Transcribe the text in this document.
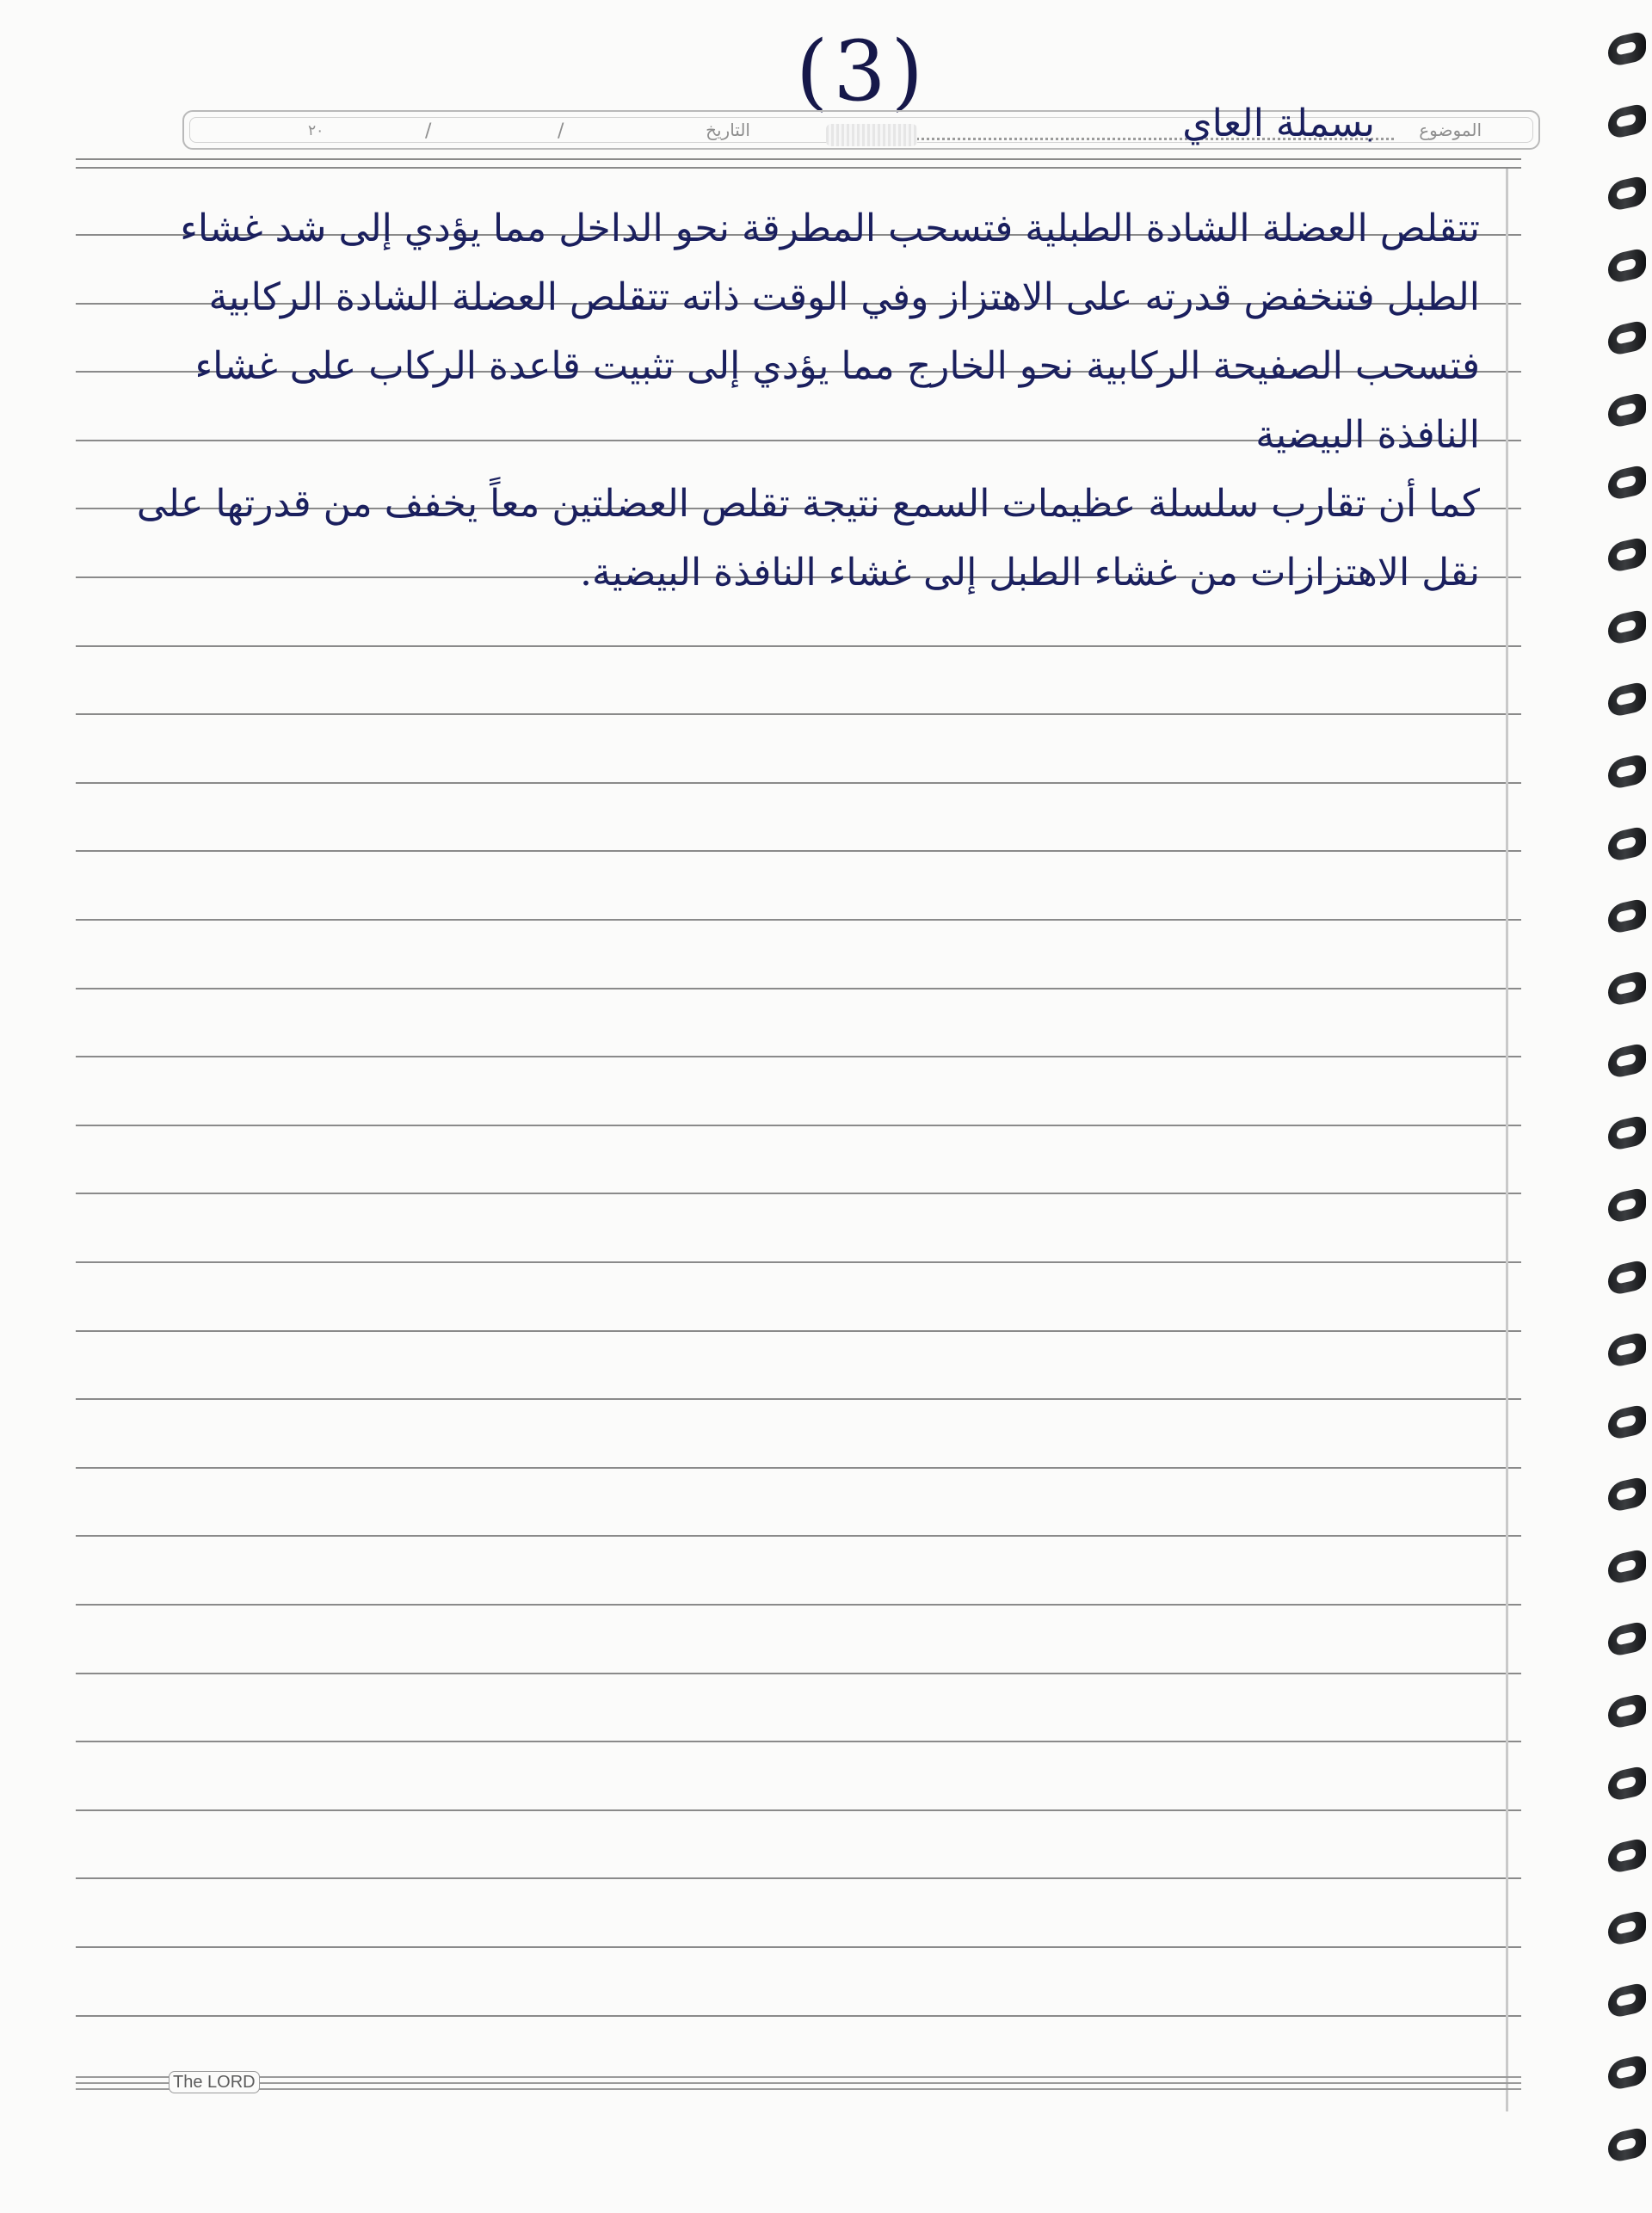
(3)
الموضوع
بسملة العاي
التاريخ
/
/
٢٠

تتقلص العضلة الشادة الطبلية فتسحب المطرقة نحو الداخل مما يؤدي إلى شد غشاء الطبل فتنخفض قدرته على الاهتزاز وفي الوقت ذاته تتقلص العضلة الشادة الركابية فتسحب الصفيحة الركابية نحو الخارج مما يؤدي إلى تثبيت قاعدة الركاب على غشاء النافذة البيضية

كما أن تقارب سلسلة عظيمات السمع نتيجة تقلص العضلتين معاً يخفف من قدرتها على نقل الاهتزازات من غشاء الطبل إلى غشاء النافذة البيضية.

The LORD
